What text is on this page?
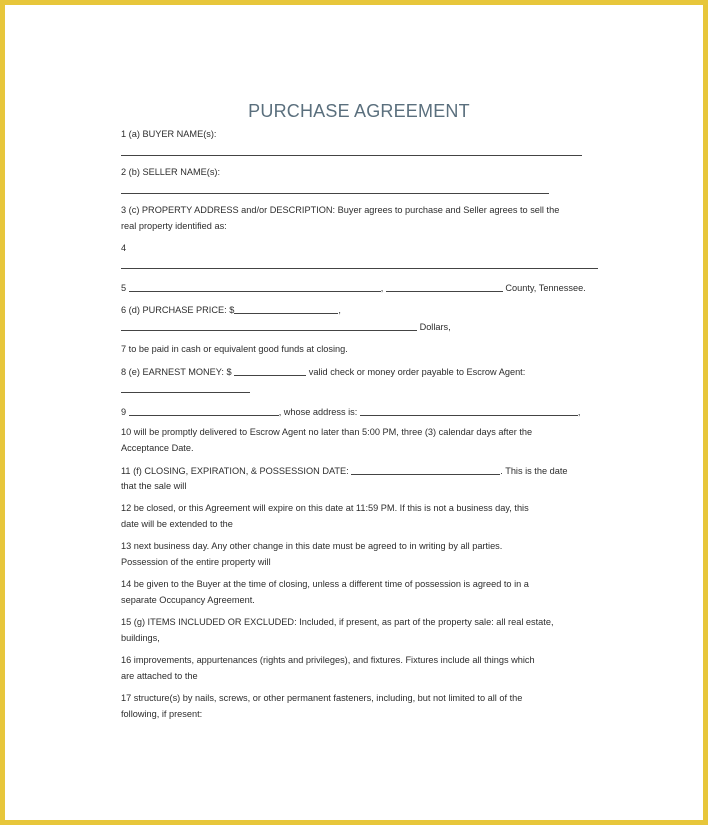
PURCHASE AGREEMENT
1 (a) BUYER NAME(s):
2 (b) SELLER NAME(s):
3 (c) PROPERTY ADDRESS and/or DESCRIPTION: Buyer agrees to purchase and Seller agrees to sell the
real property identified as:
4
5	,	County, Tennessee.
6 (d) PURCHASE PRICE: $	,
Dollars,
7 to be paid in cash or equivalent good funds at closing.
8 (e) EARNEST MONEY: $	valid check or money order payable to Escrow Agent:
9	, whose address is:	,
10 will be promptly delivered to Escrow Agent no later than 5:00 PM, three (3) calendar days after the
Acceptance Date.
11 (f) CLOSING, EXPIRATION, & POSSESSION DATE:	. This is the date
that the sale will
12 be closed, or this Agreement will expire on this date at 11:59 PM. If this is not a business day, this
date will be extended to the
13 next business day. Any other change in this date must be agreed to in writing by all parties.
Possession of the entire property will
14 be given to the Buyer at the time of closing, unless a different time of possession is agreed to in a
separate Occupancy Agreement.
15 (g) ITEMS INCLUDED OR EXCLUDED: Included, if present, as part of the property sale: all real estate,
buildings,
16 improvements, appurtenances (rights and privileges), and fixtures. Fixtures include all things which
are attached to the
17 structure(s) by nails, screws, or other permanent fasteners, including, but not limited to all of the
following, if present:
